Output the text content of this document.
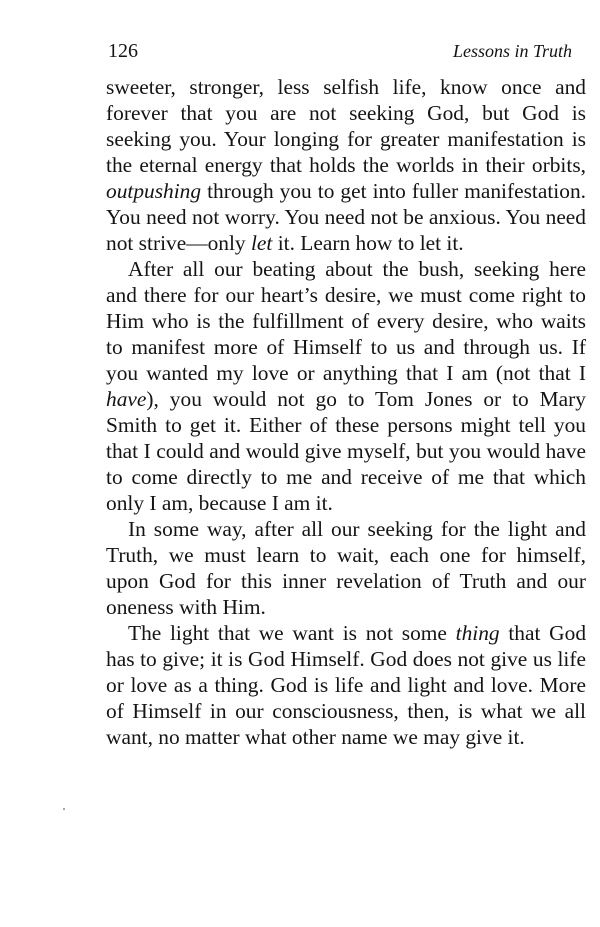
126	Lessons in Truth

sweeter, stronger, less selfish life, know once and forever that you are not seeking God, but God is seeking you. Your longing for greater manifestation is the eternal energy that holds the worlds in their orbits, outpushing through you to get into fuller manifestation. You need not worry. You need not be anxious. You need not strive—only let it. Learn how to let it.

After all our beating about the bush, seeking here and there for our heart’s desire, we must come right to Him who is the fulfillment of every desire, who waits to manifest more of Himself to us and through us. If you wanted my love or anything that I am (not that I have), you would not go to Tom Jones or to Mary Smith to get it. Either of these persons might tell you that I could and would give myself, but you would have to come directly to me and receive of me that which only I am, because I am it.

In some way, after all our seeking for the light and Truth, we must learn to wait, each one for himself, upon God for this inner revelation of Truth and our oneness with Him.

The light that we want is not some thing that God has to give; it is God Himself. God does not give us life or love as a thing. God is life and light and love. More of Himself in our consciousness, then, is what we all want, no matter what other name we may give it.
